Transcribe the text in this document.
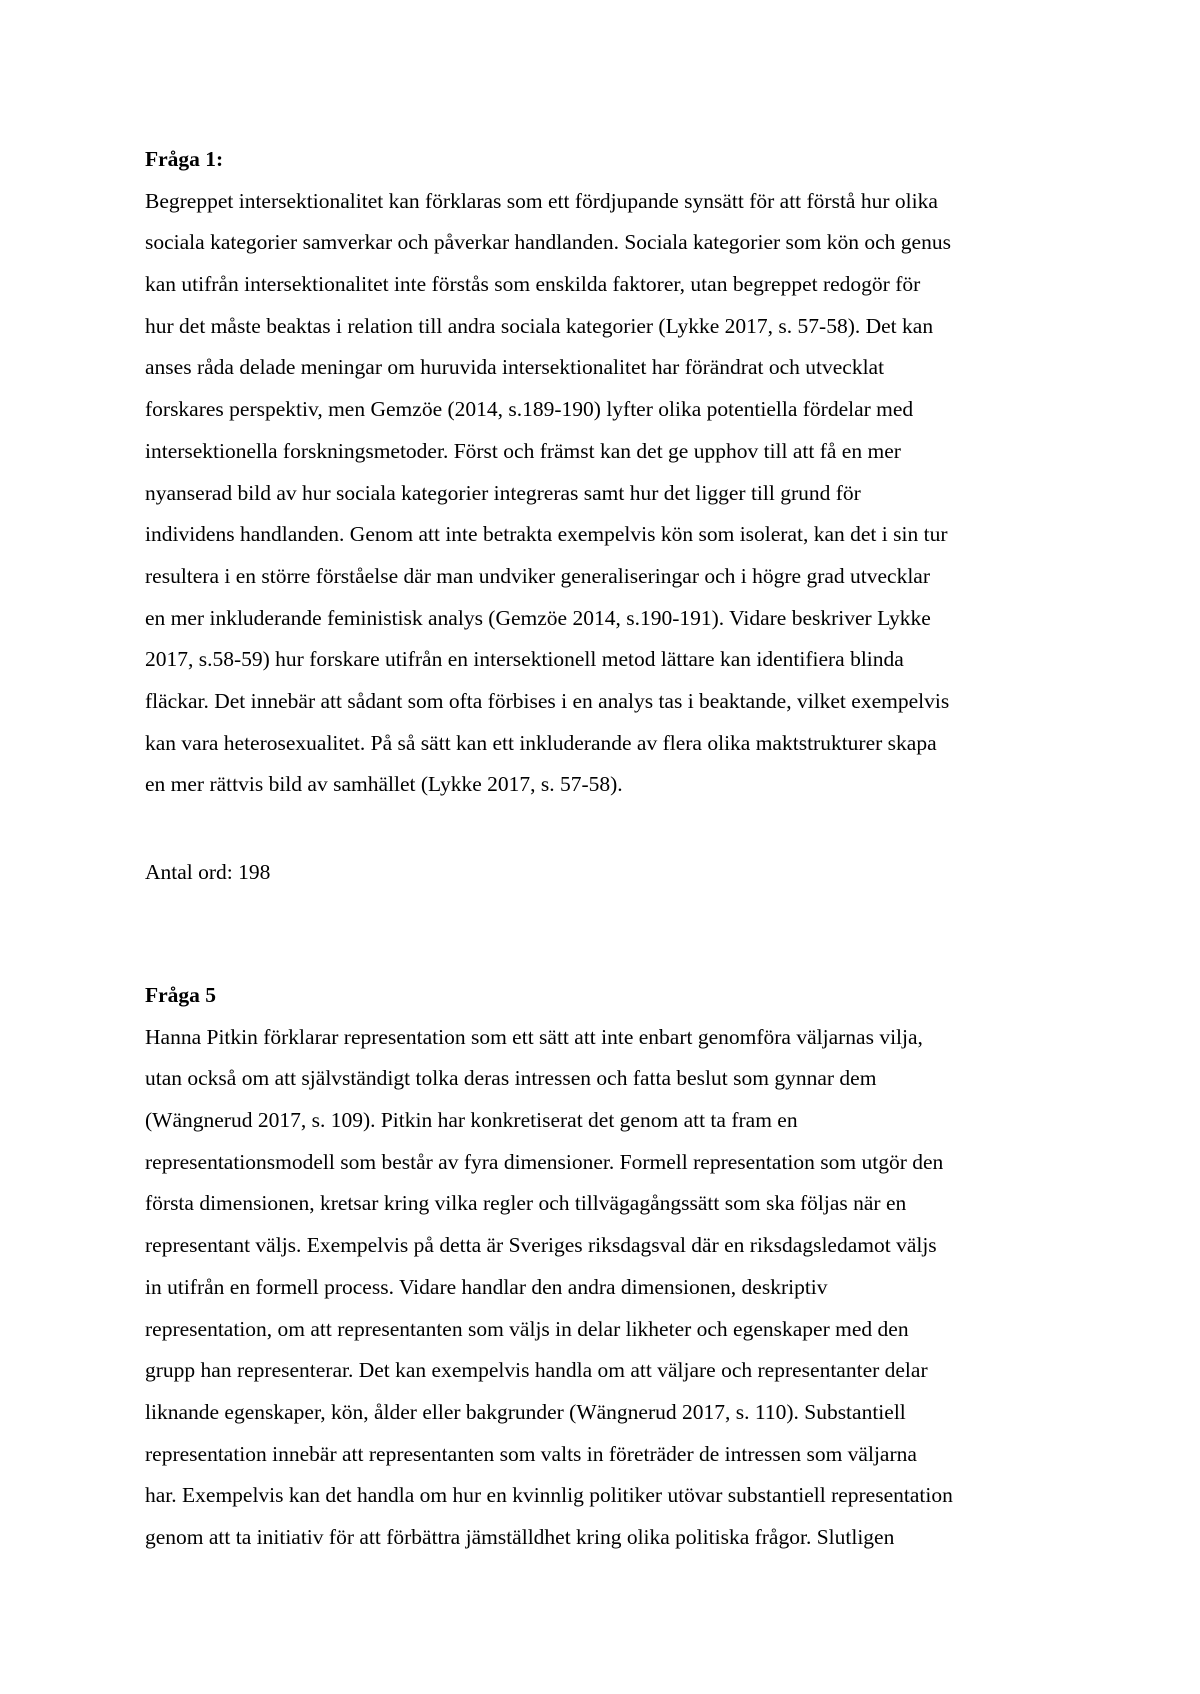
Fråga 1:
Begreppet intersektionalitet kan förklaras som ett fördjupande synsätt för att förstå hur olika
sociala kategorier samverkar och påverkar handlanden. Sociala kategorier som kön och genus
kan utifrån intersektionalitet inte förstås som enskilda faktorer, utan begreppet redogör för
hur det måste beaktas i relation till andra sociala kategorier (Lykke 2017, s. 57-58). Det kan
anses råda delade meningar om huruvida intersektionalitet har förändrat och utvecklat
forskares perspektiv, men Gemzöe (2014, s.189-190) lyfter olika potentiella fördelar med
intersektionella forskningsmetoder. Först och främst kan det ge upphov till att få en mer
nyanserad bild av hur sociala kategorier integreras samt hur det ligger till grund för
individens handlanden. Genom att inte betrakta exempelvis kön som isolerat, kan det i sin tur
resultera i en större förståelse där man undviker generaliseringar och i högre grad utvecklar
en mer inkluderande feministisk analys (Gemzöe 2014, s.190-191). Vidare beskriver Lykke
2017, s.58-59) hur forskare utifrån en intersektionell metod lättare kan identifiera blinda
fläckar. Det innebär att sådant som ofta förbises i en analys tas i beaktande, vilket exempelvis
kan vara heterosexualitet. På så sätt kan ett inkluderande av flera olika maktstrukturer skapa
en mer rättvis bild av samhället (Lykke 2017, s. 57-58).
Antal ord: 198
Fråga 5
Hanna Pitkin förklarar representation som ett sätt att inte enbart genomföra väljarnas vilja,
utan också om att självständigt tolka deras intressen och fatta beslut som gynnar dem
(Wängnerud 2017, s. 109). Pitkin har konkretiserat det genom att ta fram en
representationsmodell som består av fyra dimensioner. Formell representation som utgör den
första dimensionen, kretsar kring vilka regler och tillvägagångssätt som ska följas när en
representant väljs. Exempelvis på detta är Sveriges riksdagsval där en riksdagsledamot väljs
in utifrån en formell process. Vidare handlar den andra dimensionen, deskriptiv
representation, om att representanten som väljs in delar likheter och egenskaper med den
grupp han representerar. Det kan exempelvis handla om att väljare och representanter delar
liknande egenskaper, kön, ålder eller bakgrunder (Wängnerud 2017, s. 110). Substantiell
representation innebär att representanten som valts in företräder de intressen som väljarna
har. Exempelvis kan det handla om hur en kvinnlig politiker utövar substantiell representation
genom att ta initiativ för att förbättra jämställdhet kring olika politiska frågor. Slutligen
